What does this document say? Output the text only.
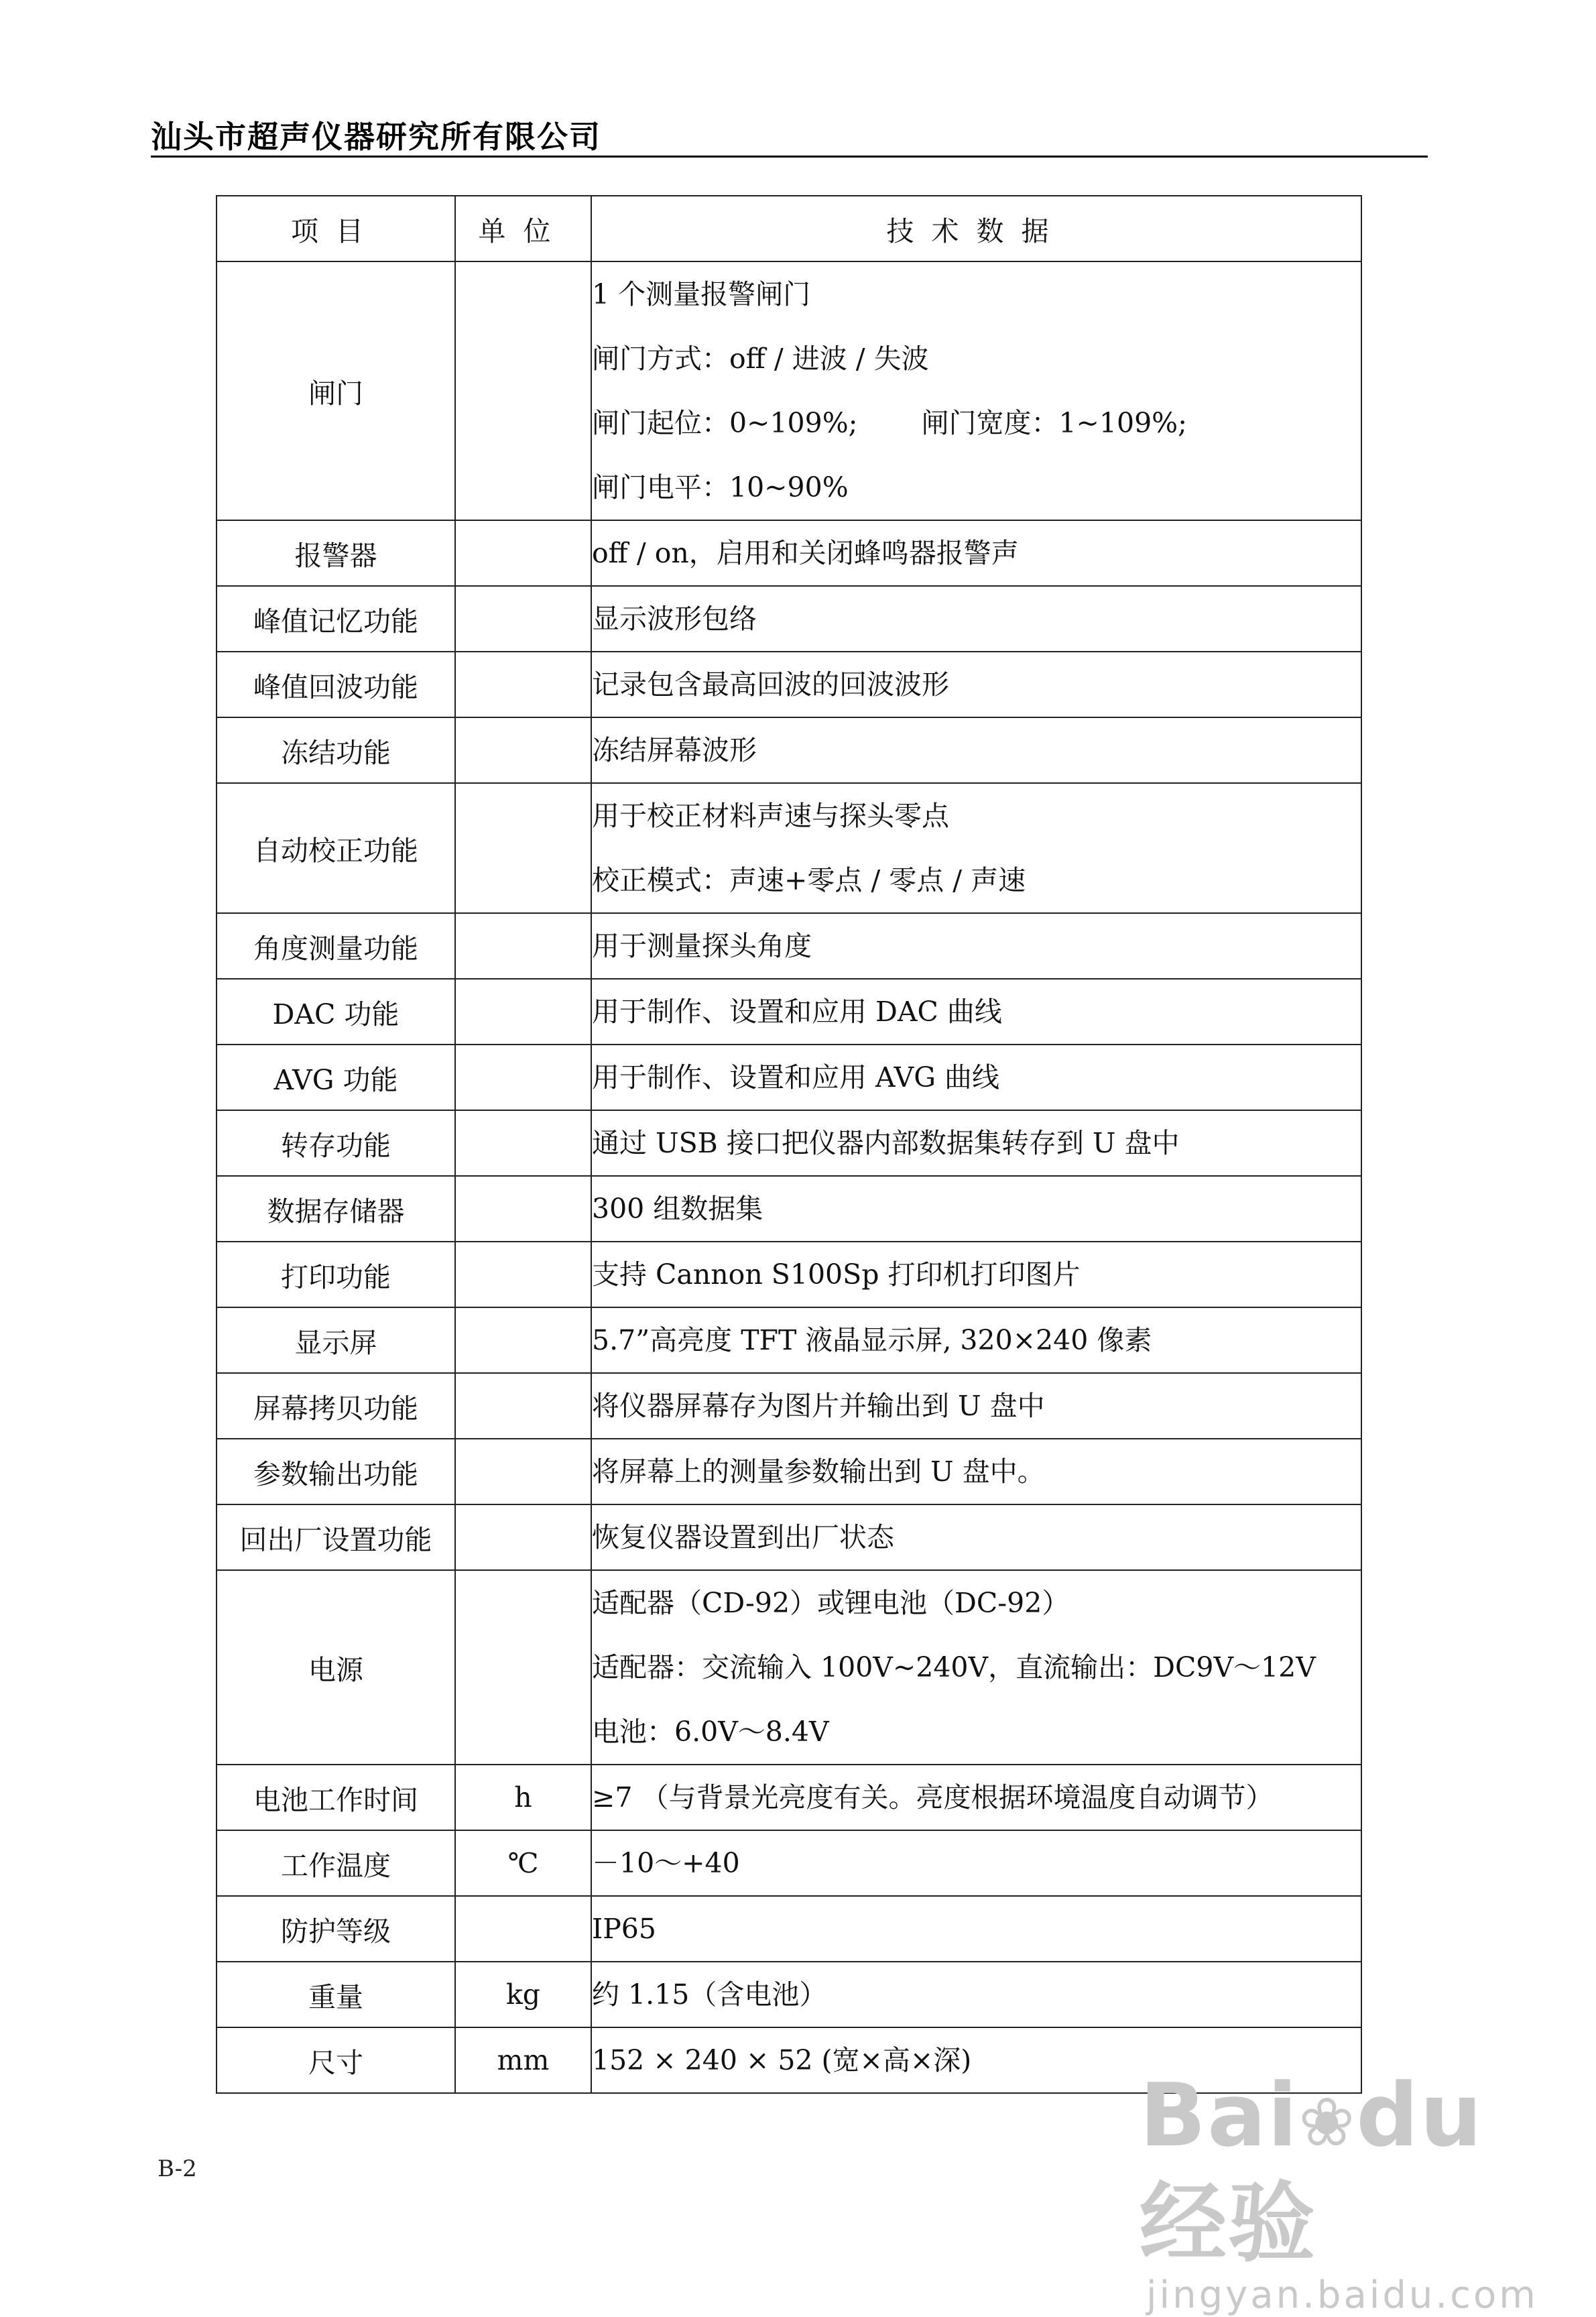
汕头市超声仪器研究所有限公司
项目	单位	技术数据
闸门		1 个测量报警闸门
闸门方式：off / 进波 / 失波
闸门起位：0~109%; 闸门宽度：1~109%;
闸门电平：10~90%

报警器		off / on，启用和关闭蜂鸣器报警声

峰值记忆功能		显示波形包络

峰值回波功能		记录包含最高回波的回波波形

冻结功能		冻结屏幕波形

自动校正功能		用于校正材料声速与探头零点
校正模式：声速+零点 / 零点 / 声速

角度测量功能		用于测量探头角度

DAC 功能		用于制作、设置和应用 DAC 曲线

AVG 功能		用于制作、设置和应用 AVG 曲线

转存功能		通过 USB 接口把仪器内部数据集转存到 U 盘中

数据存储器		300 组数据集

打印功能		支持 Cannon S100Sp 打印机打印图片

显示屏		5.7”高亮度 TFT 液晶显示屏, 320×240 像素

屏幕拷贝功能		将仪器屏幕存为图片并输出到 U 盘中

参数输出功能		将屏幕上的测量参数输出到 U 盘中。

回出厂设置功能		恢复仪器设置到出厂状态

电源		适配器（CD-92）或锂电池（DC-92）
适配器：交流输入 100V~240V，直流输出：DC9V～12V
电池：6.0V～8.4V

电池工作时间	h	≥7 （与背景光亮度有关。亮度根据环境温度自动调节）

工作温度	℃	－10～+40

防护等级		IP65

重量	kg	约 1.15（含电池）

尺寸	mm	152 × 240 × 52 (宽×高×深)
B-2
Bai❀du经验
jingyan.baidu.com
